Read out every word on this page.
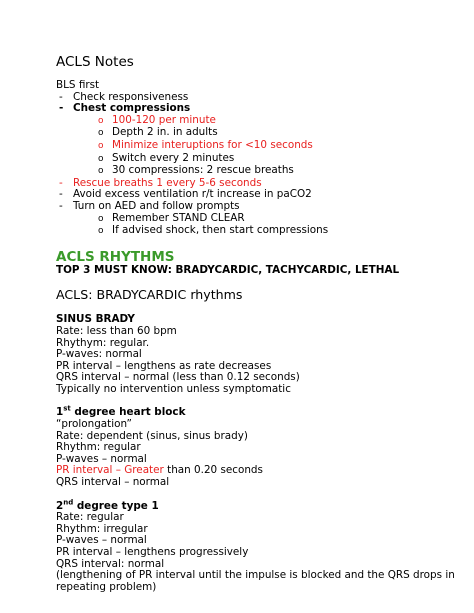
ACLS Notes
BLS first
- Check responsiveness
- Chest compressions
o 100-120 per minute
o Depth 2 in. in adults
o Minimize interuptions for <10 seconds
o Switch every 2 minutes
o 30 compressions: 2 rescue breaths
- Rescue breaths 1 every 5-6 seconds
- Avoid excess ventilation r/t increase in paCO2
- Turn on AED and follow prompts
o Remember STAND CLEAR
o If advised shock, then start compressions
ACLS RHYTHMS
TOP 3 MUST KNOW: BRADYCARDIC, TACHYCARDIC, LETHAL
ACLS: BRADYCARDIC rhythms
SINUS BRADY
Rate: less than 60 bpm
Rhythym: regular.
P-waves: normal
PR interval – lengthens as rate decreases
QRS interval – normal (less than 0.12 seconds)
Typically no intervention unless symptomatic
1st degree heart block
“prolongation”
Rate: dependent (sinus, sinus brady)
Rhythm: regular
P-waves – normal
PR interval – Greater than 0.20 seconds
QRS interval – normal
2nd degree type 1
Rate: regular
Rhythm: irregular
P-waves – normal
PR interval – lengthens progressively
QRS interval: normal
(lengthening of PR interval until the impulse is blocked and the QRS drops in
repeating problem)
